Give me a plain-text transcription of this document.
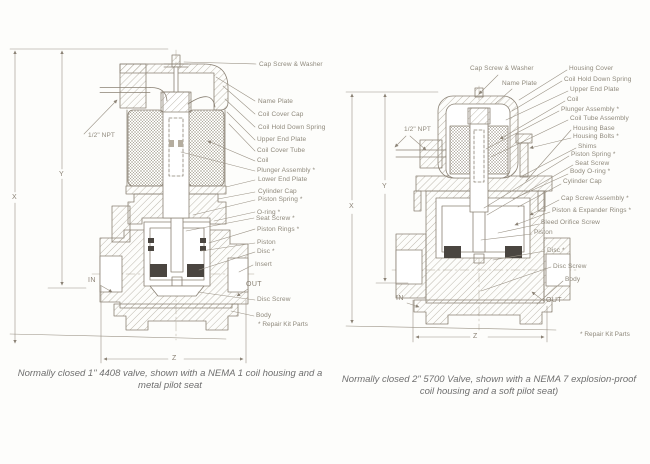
Cap Screw & Washer
Name Plate
Coil Cover Cap
Coil Hold Down Spring
Upper End Plate
Coil Cover Tube
Coil
Plunger Assembly *
Lower End Plate
Cylinder Cap
Piston Spring *
O-ring *
Seat Screw *
Piston Rings *
Piston
Disc *
Insert
Disc Screw
Body
* Repair Kit Parts
1/2" NPT
IN
OUT
X
Y
Z
Cap Screw & Washer
Name Plate
Housing Cover
Coil Hold Down Spring
Upper End Plate
Coil
Plunger Assembly *
Coil Tube Assembly
Housing Base
Housing Bolts *
Shims
Piston Spring *
Seat Screw
Body O-ring *
Cylinder Cap
Cap Screw Assembly *
Piston & Expander Rings *
Bleed Orifice Screw
Piston
Disc *
Disc Screw
Body
* Repair Kit Parts
1/2" NPT
IN	OUT
X
Y
Z
Normally closed 1" 4408 valve, shown with a NEMA 1 coil housing and a metal pilot seat
Normally closed 2" 5700 Valve, shown with a NEMA 7 explosion-proof coil housing and a soft pilot seat)
